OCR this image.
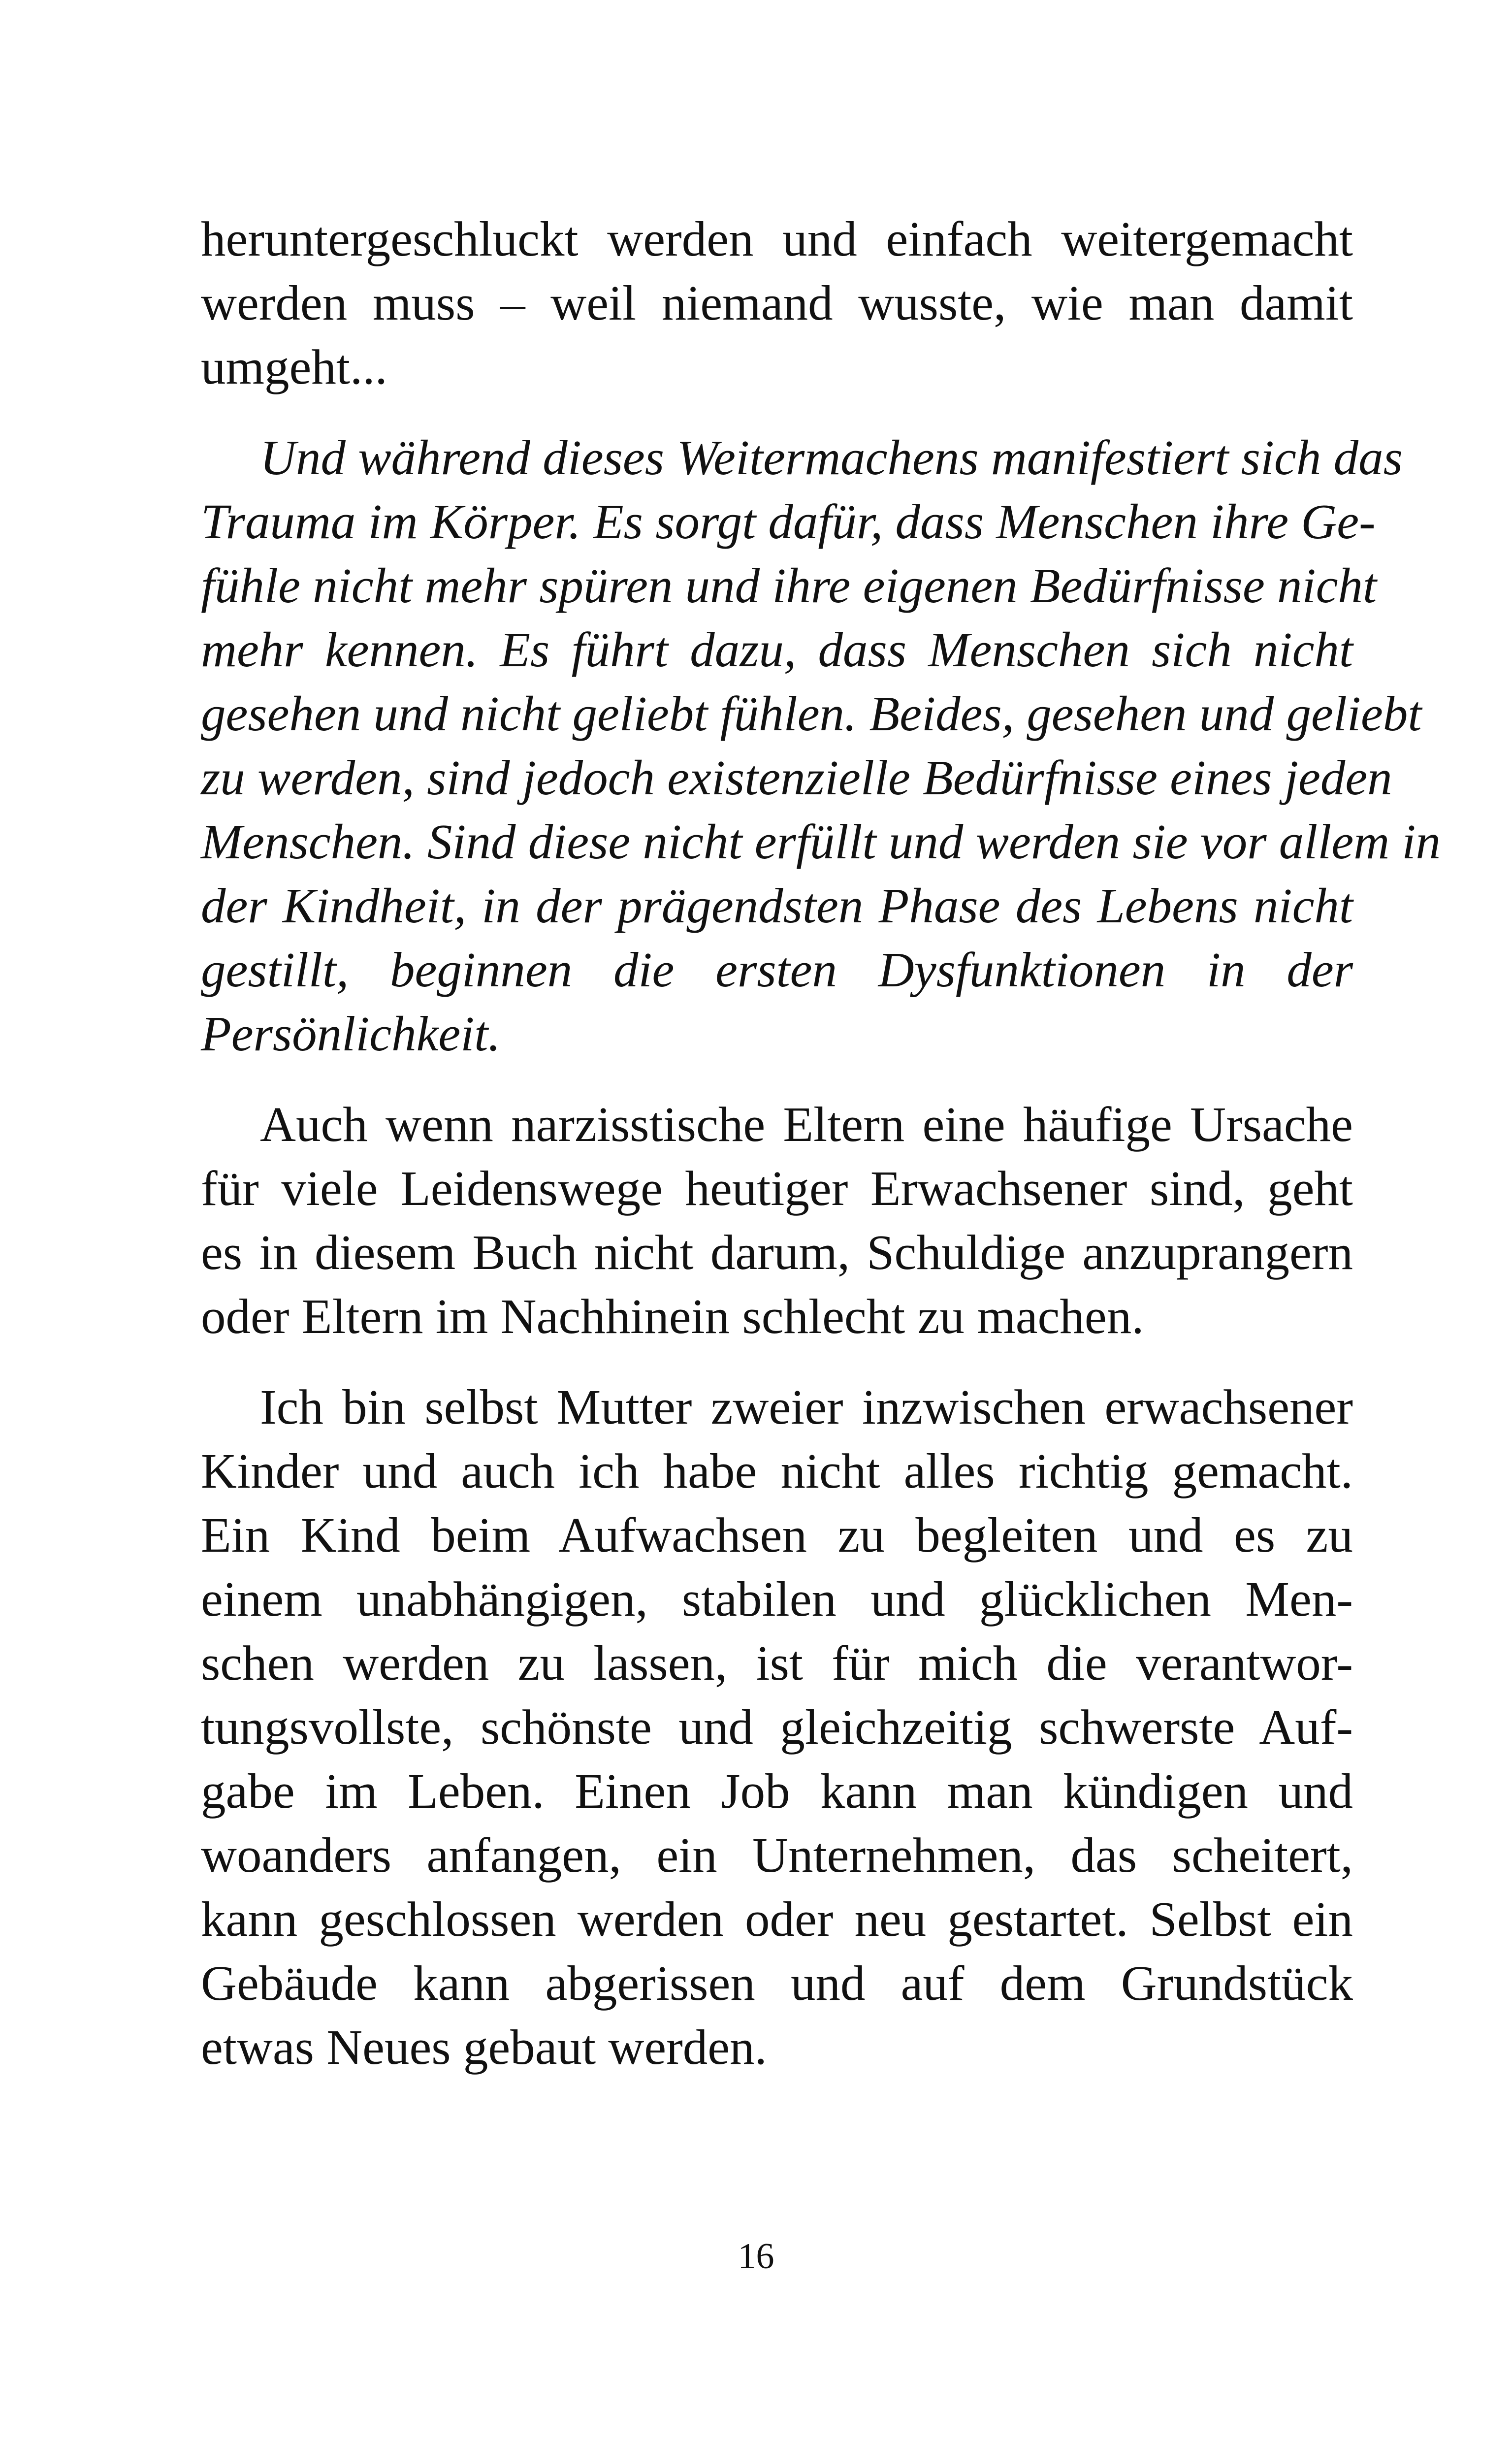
heruntergeschluckt werden und einfach weitergemacht
werden muss – weil niemand wusste, wie man damit
umgeht...
Und während dieses Weitermachens manifestiert sich das
Trauma im Körper. Es sorgt dafür, dass Menschen ihre Ge-
fühle nicht mehr spüren und ihre eigenen Bedürfnisse nicht
mehr kennen. Es führt dazu, dass Menschen sich nicht
gesehen und nicht geliebt fühlen. Beides, gesehen und geliebt
zu werden, sind jedoch existenzielle Bedürfnisse eines jeden
Menschen. Sind diese nicht erfüllt und werden sie vor allem in
der Kindheit, in der prägendsten Phase des Lebens nicht
gestillt, beginnen die ersten Dysfunktionen in der
Persönlichkeit.
Auch wenn narzisstische Eltern eine häufige Ursache
für viele Leidenswege heutiger Erwachsener sind, geht
es in diesem Buch nicht darum, Schuldige anzuprangern
oder Eltern im Nachhinein schlecht zu machen.
Ich bin selbst Mutter zweier inzwischen erwachsener
Kinder und auch ich habe nicht alles richtig gemacht.
Ein Kind beim Aufwachsen zu begleiten und es zu
einem unabhängigen, stabilen und glücklichen Men-
schen werden zu lassen, ist für mich die verantwor-
tungsvollste, schönste und gleichzeitig schwerste Auf-
gabe im Leben. Einen Job kann man kündigen und
woanders anfangen, ein Unternehmen, das scheitert,
kann geschlossen werden oder neu gestartet. Selbst ein
Gebäude kann abgerissen und auf dem Grundstück
etwas Neues gebaut werden.
16
